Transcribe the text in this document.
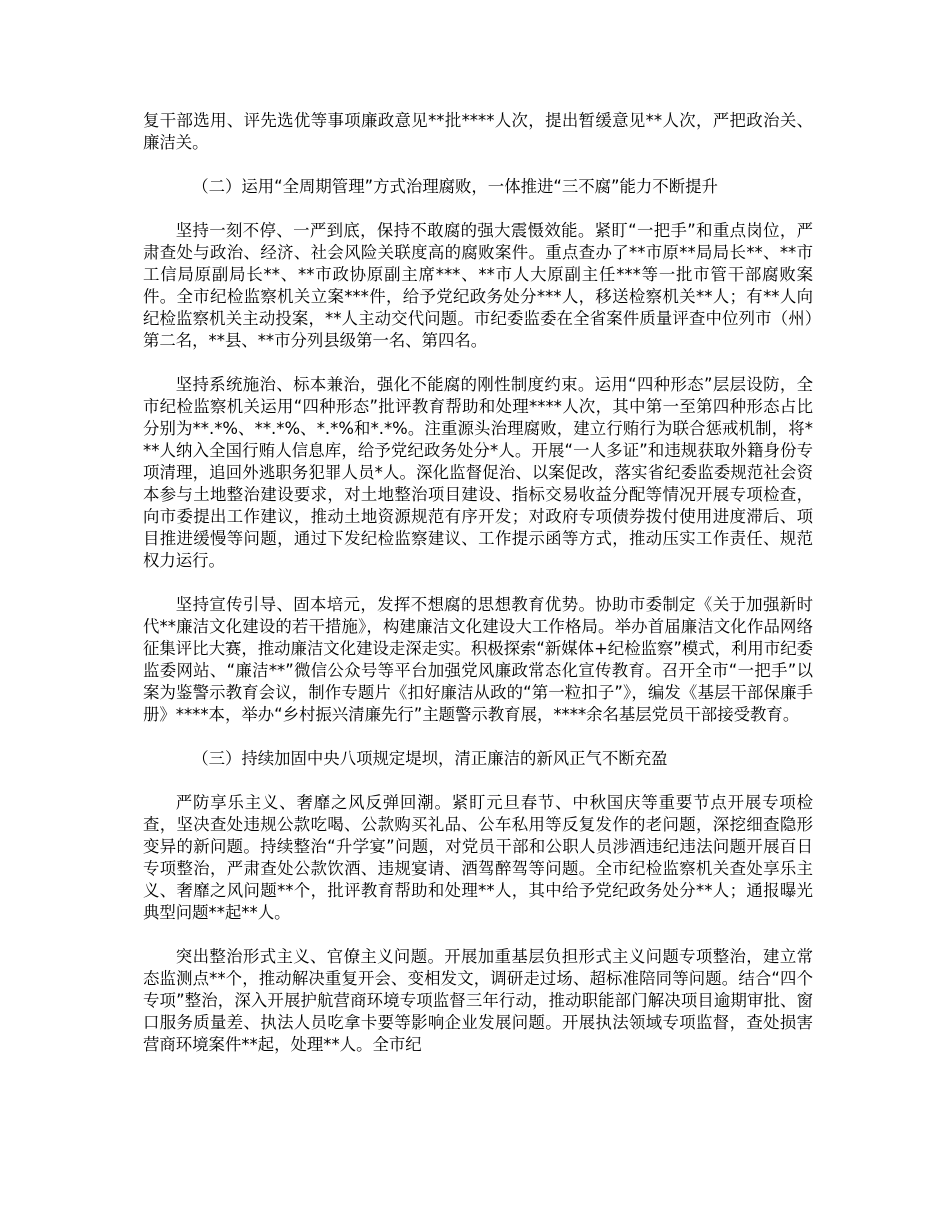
复干部选用、评先选优等事项廉政意见**批****人次，提出暂缓意见**人次，严把政治关、廉洁关。

（二）运用“全周期管理”方式治理腐败，一体推进“三不腐”能力不断提升

坚持一刻不停、一严到底，保持不敢腐的强大震慑效能。紧盯“一把手”和重点岗位，严肃查处与政治、经济、社会风险关联度高的腐败案件。重点查办了**市原**局局长**、**市工信局原副局长**、**市政协原副主席***、**市人大原副主任***等一批市管干部腐败案件。全市纪检监察机关立案***件，给予党纪政务处分***人，移送检察机关**人；有**人向纪检监察机关主动投案，**人主动交代问题。市纪委监委在全省案件质量评查中位列市（州）第二名，**县、**市分列县级第一名、第四名。

坚持系统施治、标本兼治，强化不能腐的刚性制度约束。运用“四种形态”层层设防，全市纪检监察机关运用“四种形态”批评教育帮助和处理****人次，其中第一至第四种形态占比分别为**.*%、**.*%、*.*%和*.*%。注重源头治理腐败，建立行贿行为联合惩戒机制，将***人纳入全国行贿人信息库，给予党纪政务处分*人。开展“一人多证”和违规获取外籍身份专项清理，追回外逃职务犯罪人员*人。深化监督促治、以案促改，落实省纪委监委规范社会资本参与土地整治建设要求，对土地整治项目建设、指标交易收益分配等情况开展专项检查，向市委提出工作建议，推动土地资源规范有序开发；对政府专项债券拨付使用进度滞后、项目推进缓慢等问题，通过下发纪检监察建议、工作提示函等方式，推动压实工作责任、规范权力运行。

坚持宣传引导、固本培元，发挥不想腐的思想教育优势。协助市委制定《关于加强新时代**廉洁文化建设的若干措施》，构建廉洁文化建设大工作格局。举办首届廉洁文化作品网络征集评比大赛，推动廉洁文化建设走深走实。积极探索“新媒体+纪检监察”模式，利用市纪委监委网站、“廉洁**”微信公众号等平台加强党风廉政常态化宣传教育。召开全市“一把手”以案为鉴警示教育会议，制作专题片《扣好廉洁从政的“第一粒扣子”》，编发《基层干部保廉手册》****本，举办“乡村振兴清廉先行”主题警示教育展，****余名基层党员干部接受教育。

（三）持续加固中央八项规定堤坝，清正廉洁的新风正气不断充盈

严防享乐主义、奢靡之风反弹回潮。紧盯元旦春节、中秋国庆等重要节点开展专项检查，坚决查处违规公款吃喝、公款购买礼品、公车私用等反复发作的老问题，深挖细查隐形变异的新问题。持续整治“升学宴”问题，对党员干部和公职人员涉酒违纪违法问题开展百日专项整治，严肃查处公款饮酒、违规宴请、酒驾醉驾等问题。全市纪检监察机关查处享乐主义、奢靡之风问题**个，批评教育帮助和处理**人，其中给予党纪政务处分**人；通报曝光典型问题**起**人。

突出整治形式主义、官僚主义问题。开展加重基层负担形式主义问题专项整治，建立常态监测点**个，推动解决重复开会、变相发文，调研走过场、超标准陪同等问题。结合“四个专项”整治，深入开展护航营商环境专项监督三年行动，推动职能部门解决项目逾期审批、窗口服务质量差、执法人员吃拿卡要等影响企业发展问题。开展执法领域专项监督，查处损害营商环境案件**起，处理**人。全市纪
